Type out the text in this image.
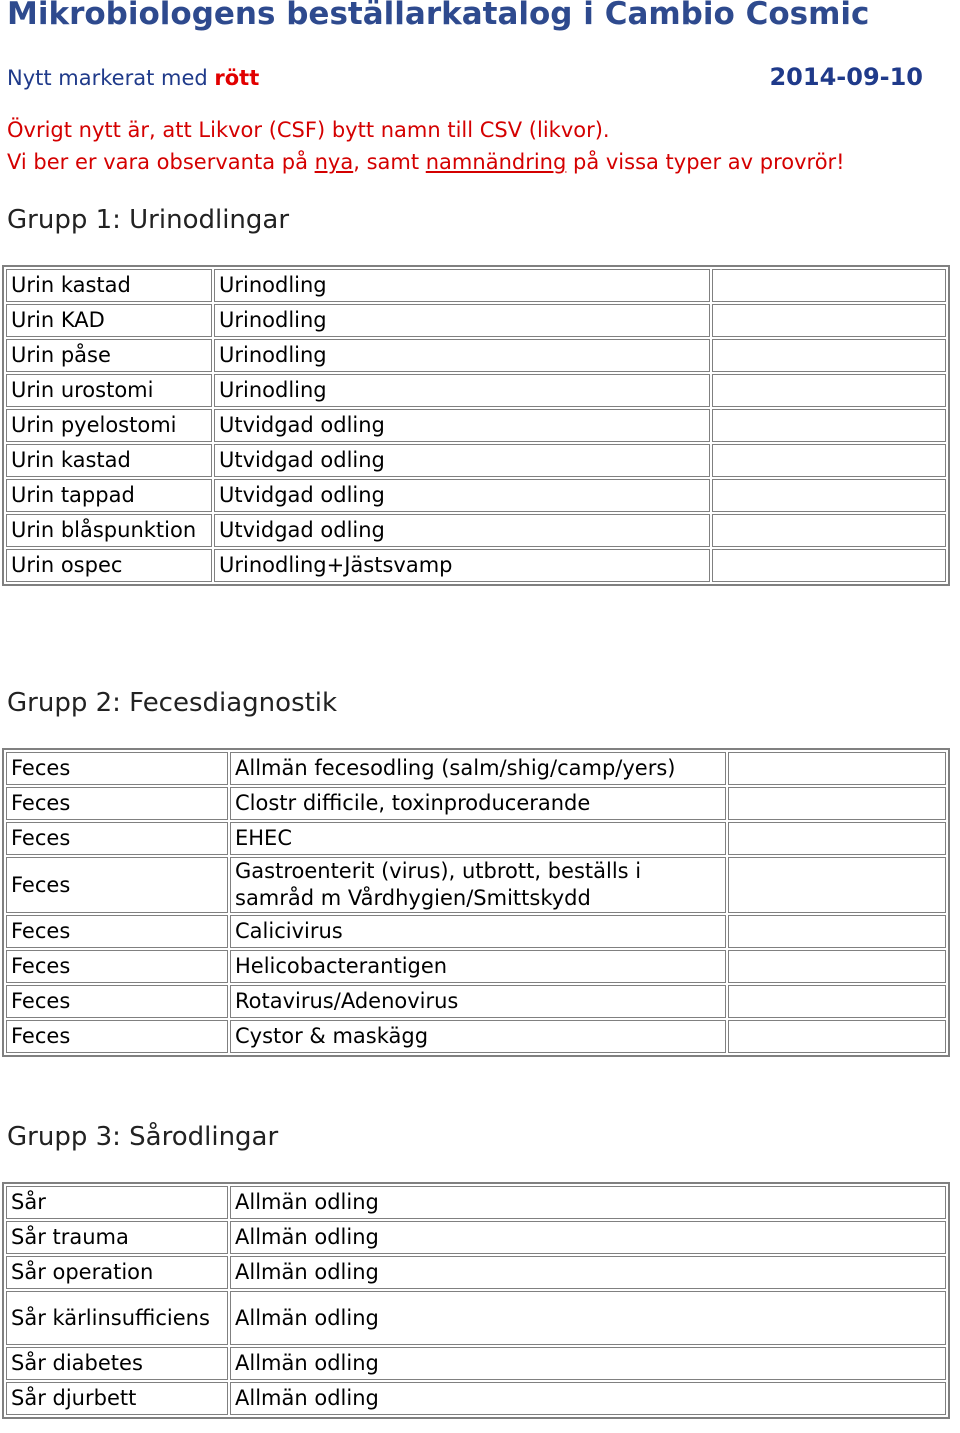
Mikrobiologens beställarkatalog i Cambio Cosmic
Nytt markerat med rött	2014-09-10
Övrigt nytt är, att Likvor (CSF) bytt namn till CSV (likvor).
Vi ber er vara observanta på nya, samt namnändring på vissa typer av provrör!
Grupp 1: Urinodlingar
Urin kastad	Urinodling	
Urin KAD	Urinodling	
Urin påse	Urinodling	
Urin urostomi	Urinodling	
Urin pyelostomi	Utvidgad odling	
Urin kastad	Utvidgad odling	
Urin tappad	Utvidgad odling	
Urin blåspunktion	Utvidgad odling	
Urin ospec	Urinodling+Jästsvamp	
Grupp 2: Fecesdiagnostik
Feces	Allmän fecesodling (salm/shig/camp/yers)	
Feces	Clostr difficile, toxinproducerande	
Feces	EHEC	
Feces	Gastroenterit (virus), utbrott, beställs i samråd m Vårdhygien/Smittskydd	
Feces	Calicivirus	
Feces	Helicobacterantigen	
Feces	Rotavirus/Adenovirus	
Feces	Cystor & maskägg	
Grupp 3: Sårodlingar
Sår	Allmän odling
Sår trauma	Allmän odling
Sår operation	Allmän odling
Sår kärlinsufficiens	Allmän odling
Sår diabetes	Allmän odling
Sår djurbett	Allmän odling
